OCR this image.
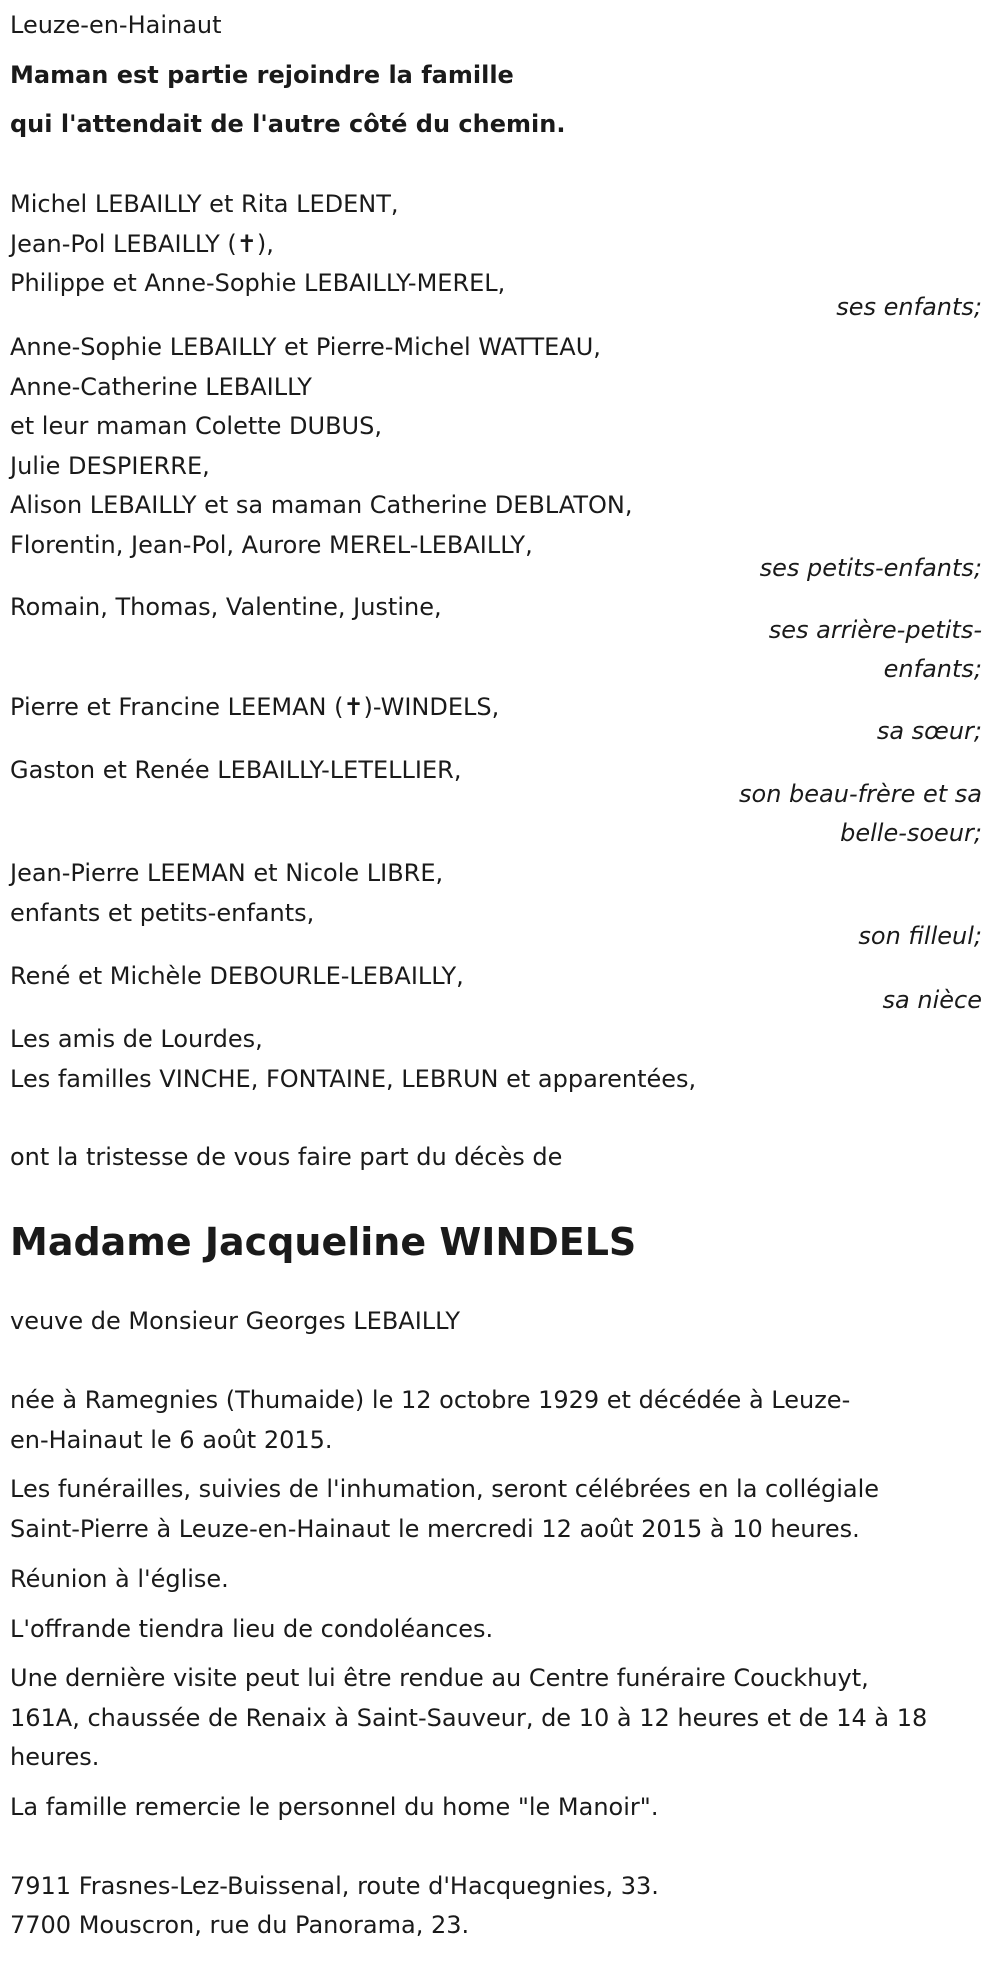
Leuze-en-Hainaut
Maman est partie rejoindre la famille
qui l'attendait de l'autre côté du chemin.
Michel LEBAILLY et Rita LEDENT,
Jean-Pol LEBAILLY (✝),
Philippe et Anne-Sophie LEBAILLY-MEREL,
ses enfants;
Anne-Sophie LEBAILLY et Pierre-Michel WATTEAU,
Anne-Catherine LEBAILLY
et leur maman Colette DUBUS,
Julie DESPIERRE,
Alison LEBAILLY et sa maman Catherine DEBLATON,
Florentin, Jean-Pol, Aurore MEREL-LEBAILLY,
ses petits-enfants;
Romain, Thomas, Valentine, Justine,
ses arrière-petits-
enfants;
Pierre et Francine LEEMAN (✝)-WINDELS,
sa sœur;
Gaston et Renée LEBAILLY-LETELLIER,
son beau-frère et sa
belle-soeur;
Jean-Pierre LEEMAN et Nicole LIBRE,
enfants et petits-enfants,
son filleul;
René et Michèle DEBOURLE-LEBAILLY,
sa nièce
Les amis de Lourdes,
Les familles VINCHE, FONTAINE, LEBRUN et apparentées,
ont la tristesse de vous faire part du décès de
Madame Jacqueline WINDELS
veuve de Monsieur Georges LEBAILLY
née à Ramegnies (Thumaide) le 12 octobre 1929 et décédée à Leuze-
en-Hainaut le 6 août 2015.
Les funérailles, suivies de l'inhumation, seront célébrées en la collégiale
Saint-Pierre à Leuze-en-Hainaut le mercredi 12 août 2015 à 10 heures.
Réunion à l'église.
L'offrande tiendra lieu de condoléances.
Une dernière visite peut lui être rendue au Centre funéraire Couckhuyt,
161A, chaussée de Renaix à Saint-Sauveur, de 10 à 12 heures et de 14 à 18
heures.
La famille remercie le personnel du home "le Manoir".
7911 Frasnes-Lez-Buissenal, route d'Hacquegnies, 33.
7700 Mouscron, rue du Panorama, 23.
